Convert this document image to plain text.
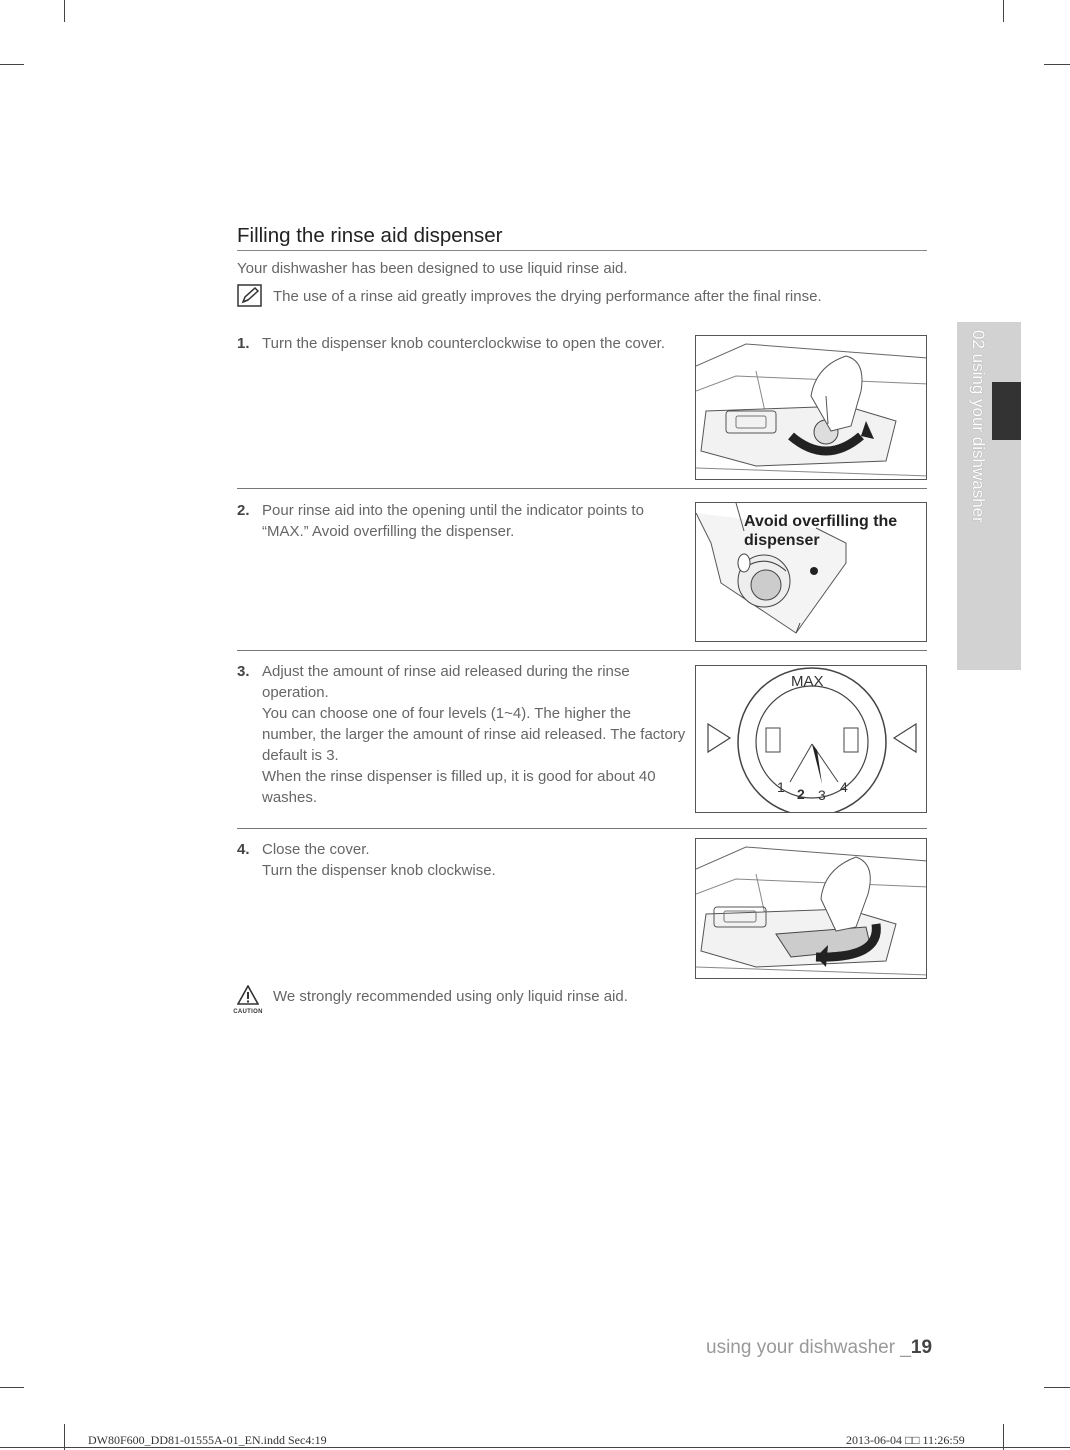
Filling the rinse aid dispenser
Your dishwasher has been designed to use liquid rinse aid.
The use of a rinse aid greatly improves the drying performance after the final rinse.
1. Turn the dispenser knob counterclockwise to open the cover.

2. Pour rinse aid into the opening until the indicator points to “MAX.” Avoid overfilling the dispenser.

Avoid overfilling the dispenser
3. Adjust the amount of rinse aid released during the rinse operation.

You can choose one of four levels (1~4). The higher the number, the larger the amount of rinse aid released. The factory default is 3.

When the rinse dispenser is filled up, it is good for about 40 washes.

MAX
1 2 3 4
4. Close the cover.

Turn the dispenser knob clockwise.

CAUTION
We strongly recommended using only liquid rinse aid.
02 using your dishwasher
using your dishwasher _19
DW80F600_DD81-01555A-01_EN.indd Sec4:19	2013-06-04 □□ 11:26:59
